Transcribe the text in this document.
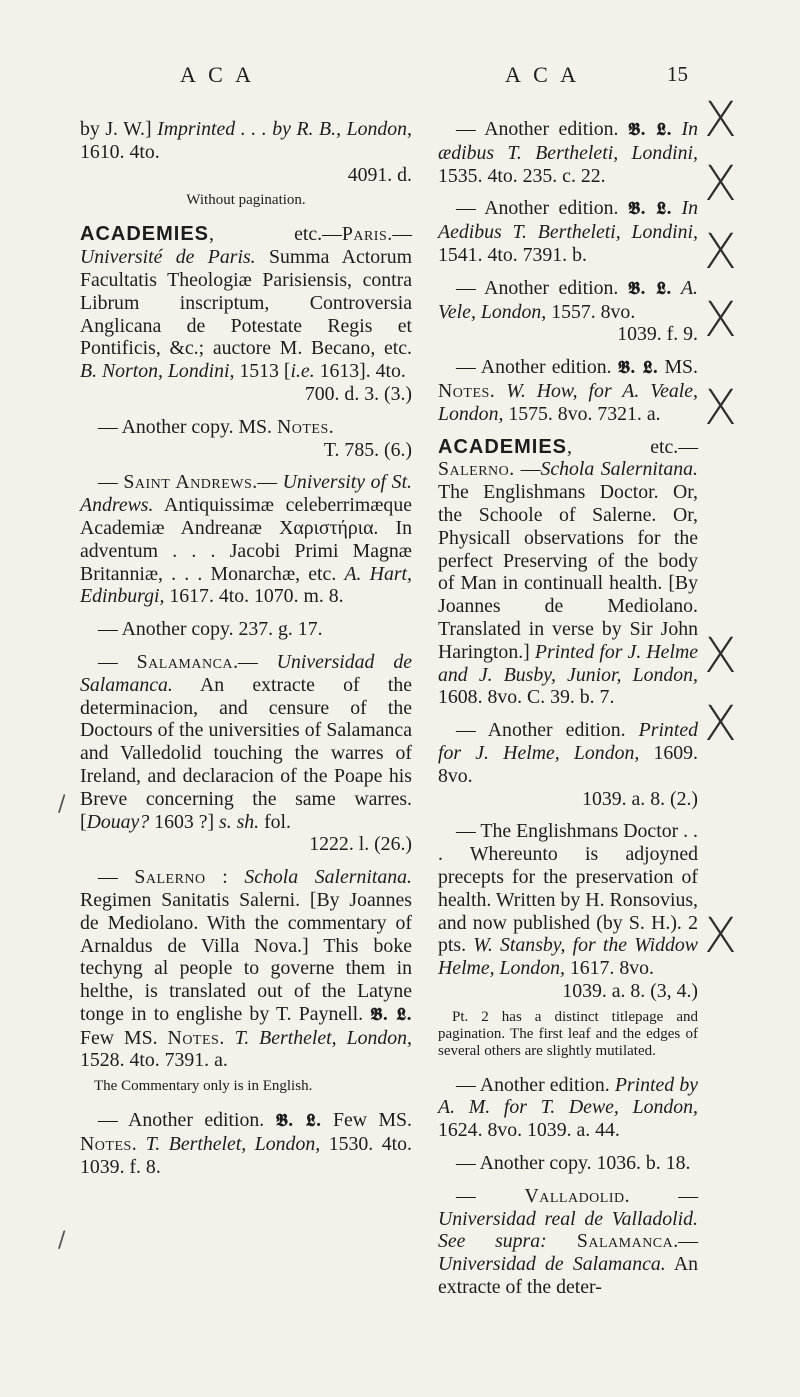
A C A	A C A	15
by J. W.] Imprinted . . . by R. B., London, 1610. 4to.
4091. d.
Without pagination.
ACADEMIES, etc.—Paris.— Université de Paris. Summa Actorum Facultatis Theologiæ Parisiensis, contra Librum inscriptum, Controversia Anglicana de Potestate Regis et Pontificis, &c.; auctore M. Becano, etc. B. Norton, Londini, 1513 [i.e. 1613]. 4to.
700. d. 3. (3.)
— Another copy. MS. Notes.
T. 785. (6.)
— Saint Andrews.— University of St. Andrews. Antiquissimæ celeberrimæque Academiæ Andreanæ Χαριστήρια. In adventum . . . Jacobi Primi Magnæ Britanniæ, . . . Monarchæ, etc. A. Hart, Edinburgi, 1617. 4to. 1070. m. 8.
— Another copy. 237. g. 17.
— Salamanca.— Universidad de Salamanca. An extracte of the determinacion, and censure of the Doctours of the universities of Salamanca and Valledolid touching the warres of Ireland, and declaracion of the Poape his Breve concerning the same warres. [Douay? 1603 ?] s. sh. fol.
1222. l. (26.)
— Salerno : Schola Salernitana. Regimen Sanitatis Salerni. [By Joannes de Mediolano. With the commentary of Arnaldus de Villa Nova.] This boke techyng al people to governe them in helthe, is translated out of the Latyne tonge in to englishe by T. Paynell. 𝕭. 𝕷. Few MS. Notes. T. Berthelet, London, 1528. 4to. 7391. a.
The Commentary only is in English.
— Another edition. 𝕭. 𝕷. Few MS. Notes. T. Berthelet, London, 1530. 4to. 1039. f. 8.
— Another edition. 𝕭. 𝕷. In ædibus T. Bertheleti, Londini, 1535. 4to. 235. c. 22.
— Another edition. 𝕭. 𝕷. In Aedibus T. Bertheleti, Londini, 1541. 4to. 7391. b.
— Another edition. 𝕭. 𝕷. A. Vele, London, 1557. 8vo.
1039. f. 9.
— Another edition. 𝕭. 𝕷. MS. Notes. W. How, for A. Veale, London, 1575. 8vo. 7321. a.
ACADEMIES, etc.—Salerno. —Schola Salernitana. The Englishmans Doctor. Or, the Schoole of Salerne. Or, Physicall observations for the perfect Preserving of the body of Man in continuall health. [By Joannes de Mediolano. Translated in verse by Sir John Harington.] Printed for J. Helme and J. Busby, Junior, London, 1608. 8vo. C. 39. b. 7.
— Another edition. Printed for J. Helme, London, 1609. 8vo.
1039. a. 8. (2.)
— The Englishmans Doctor . . . Whereunto is adjoyned precepts for the preservation of health. Written by H. Ronsovius, and now published (by S. H.). 2 pts. W. Stansby, for the Widdow Helme, London, 1617. 8vo.
1039. a. 8. (3, 4.)
Pt. 2 has a distinct titlepage and pagination. The first leaf and the edges of several others are slightly mutilated.
— Another edition. Printed by A. M. for T. Dewe, London, 1624. 8vo. 1039. a. 44.
— Another copy. 1036. b. 18.
— Valladolid. — Universidad real de Valladolid. See supra: Salamanca.— Universidad de Salamanca. An extracte of the deter-
X
X
X
X
X
X
X
X
/
/
